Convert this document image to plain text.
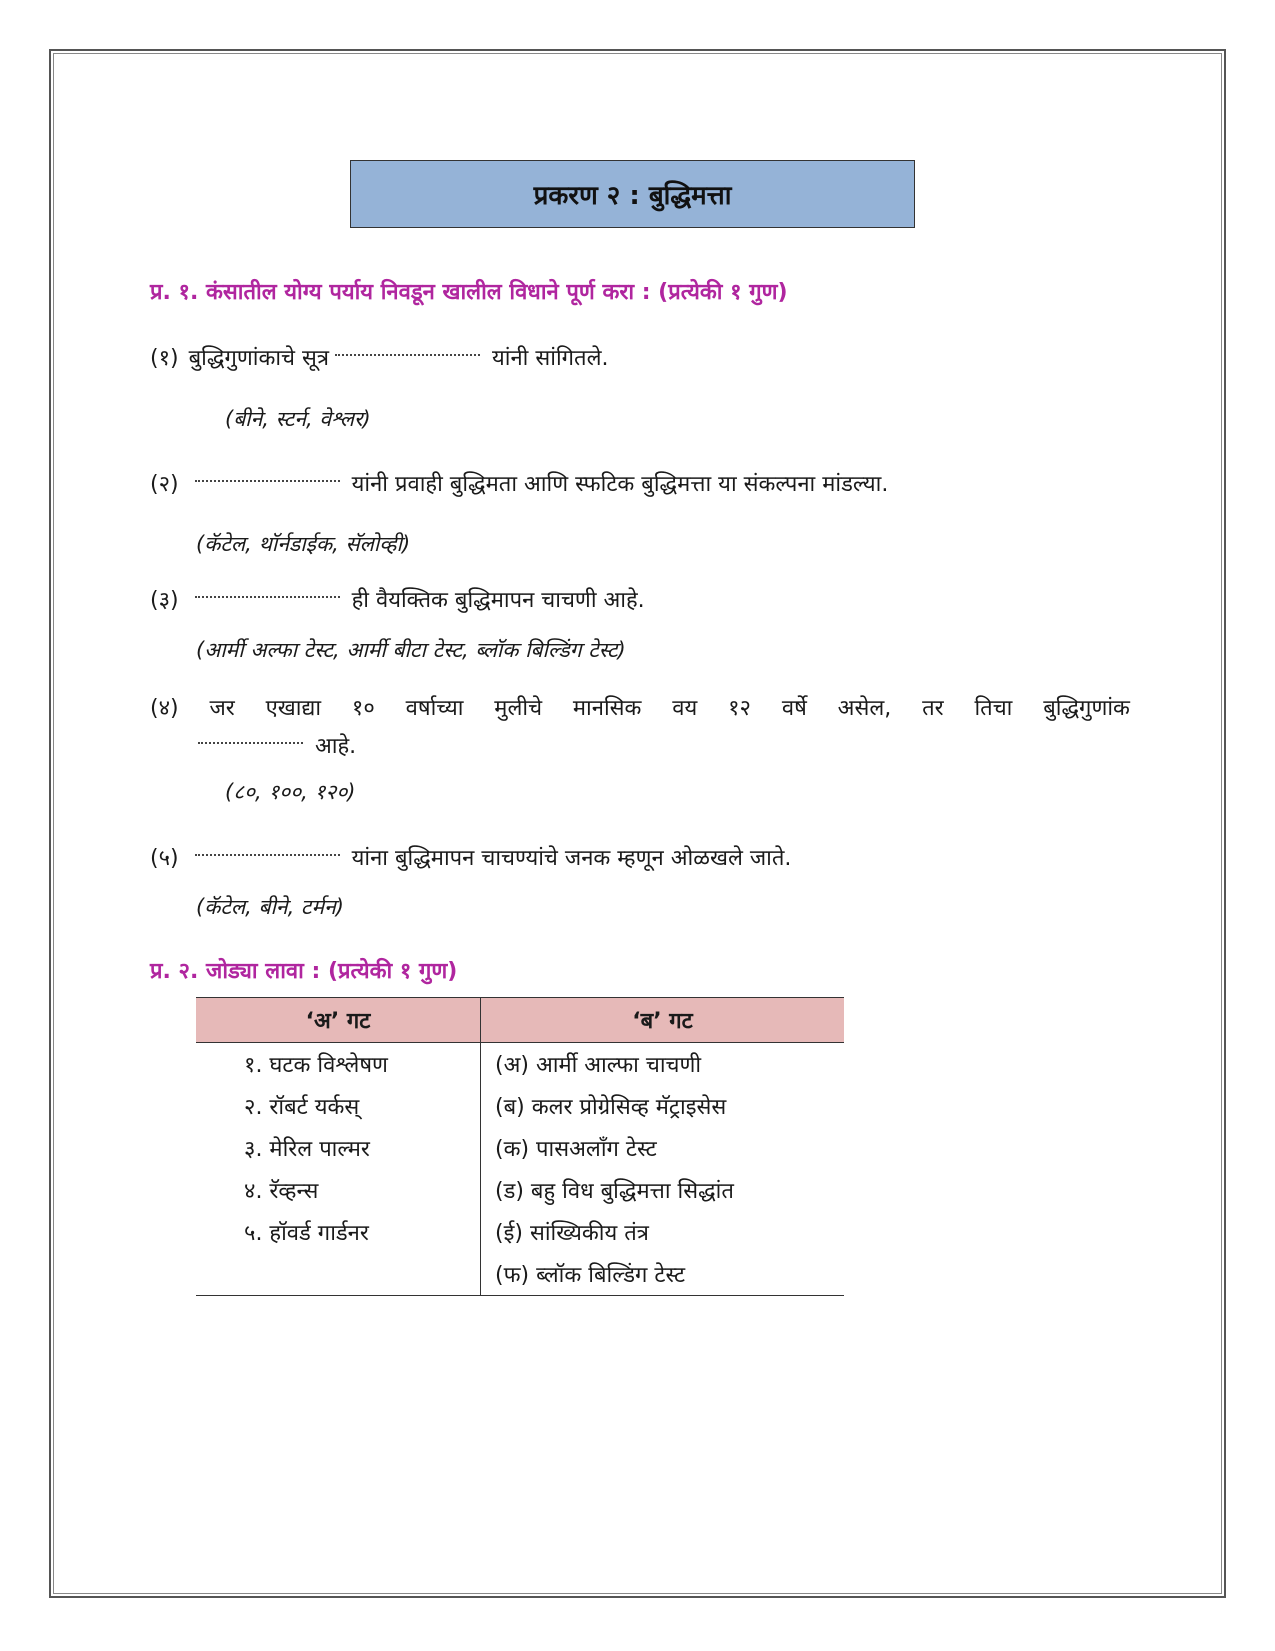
प्रकरण २ : बुद्धिमत्ता
प्र. १. कंसातील योग्य पर्याय निवडून खालील विधाने पूर्ण करा : (प्रत्येकी १ गुण)
(१) बुद्धिगुणांकाचे सूत्र	यांनी सांगितले.
(बीने, स्टर्न, वेश्लर)
(२)	यांनी प्रवाही बुद्धिमता आणि स्फटिक बुद्धिमत्ता या संकल्पना मांडल्या.
(कॅटेल, थॉर्नडाईक, सॅलोव्ही)
(३)	ही वैयक्तिक बुद्धिमापन चाचणी आहे.
(आर्मी अल्फा टेस्ट, आर्मी बीटा टेस्ट, ब्लॉक बिल्डिंग टेस्ट)
(४) जर एखाद्या १० वर्षाच्या मुलीचे मानसिक वय १२ वर्षे असेल, तर तिचा बुद्धिगुणांक
आहे.
(८०, १००, १२०)
(५)	यांना बुद्धिमापन चाचण्यांचे जनक म्हणून ओळखले जाते.
(कॅटेल, बीने, टर्मन)
प्र. २. जोड्या लावा : (प्रत्येकी १ गुण)
‘अ’ गट	‘ब’ गट
१. घटक विश्लेषण	(अ) आर्मी आल्फा चाचणी
२. रॉबर्ट यर्कस्	(ब) कलर प्रोग्रेसिव्ह मॅट्राइसेस
३. मेरिल पाल्मर	(क) पासअलाँग टेस्ट
४. रॅव्हन्स	(ड) बहु विध बुद्धिमत्ता सिद्धांत
५. हॉवर्ड गार्डनर	(ई) सांख्यिकीय तंत्र
	(फ) ब्लॉक बिल्डिंग टेस्ट
